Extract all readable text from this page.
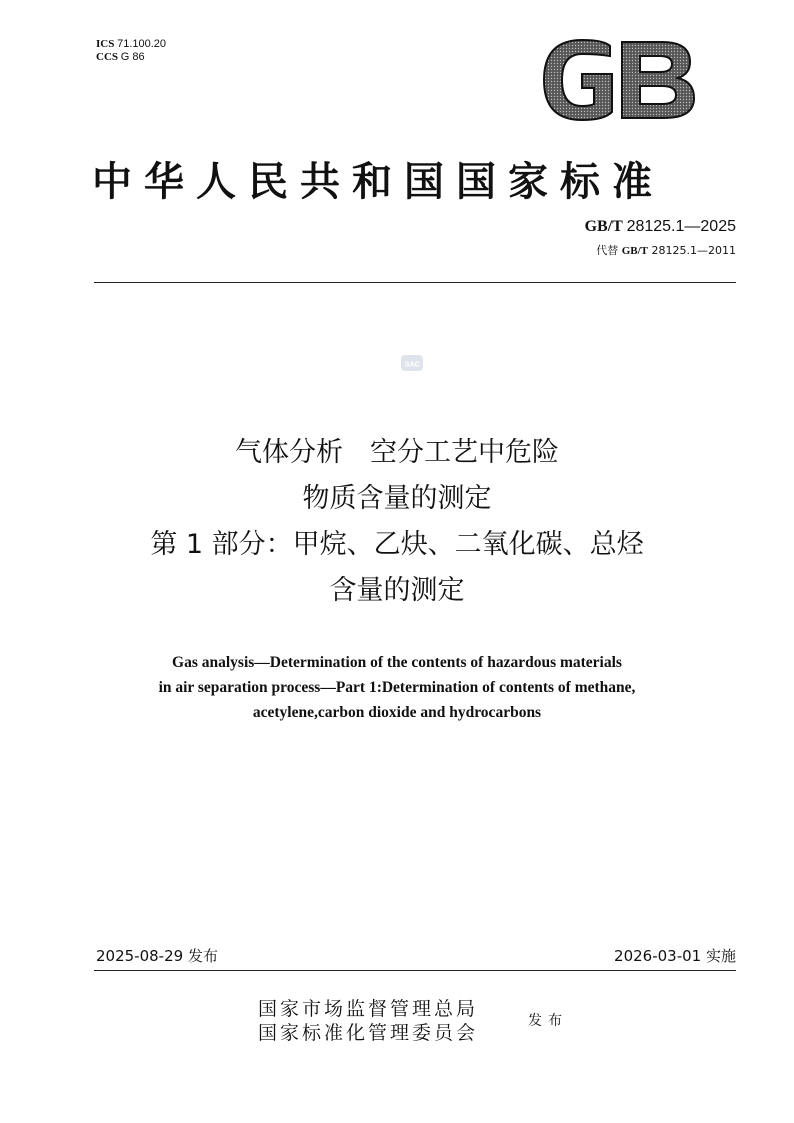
ICS 71.100.20
CCS G 86
中华人民共和国国家标准
GB/T 28125.1—2025
代替 GB/T 28125.1—2011
SAC
气体分析　空分工艺中危险
物质含量的测定
第 1 部分：甲烷、乙炔、二氧化碳、总烃
含量的测定
Gas analysis—Determination of the contents of hazardous materials
in air separation process—Part 1:Determination of contents of methane,
acetylene,carbon dioxide and hydrocarbons
2025-08-29 发布	2026-03-01 实施
国家市场监督管理总局
国家标准化管理委员会
发布
